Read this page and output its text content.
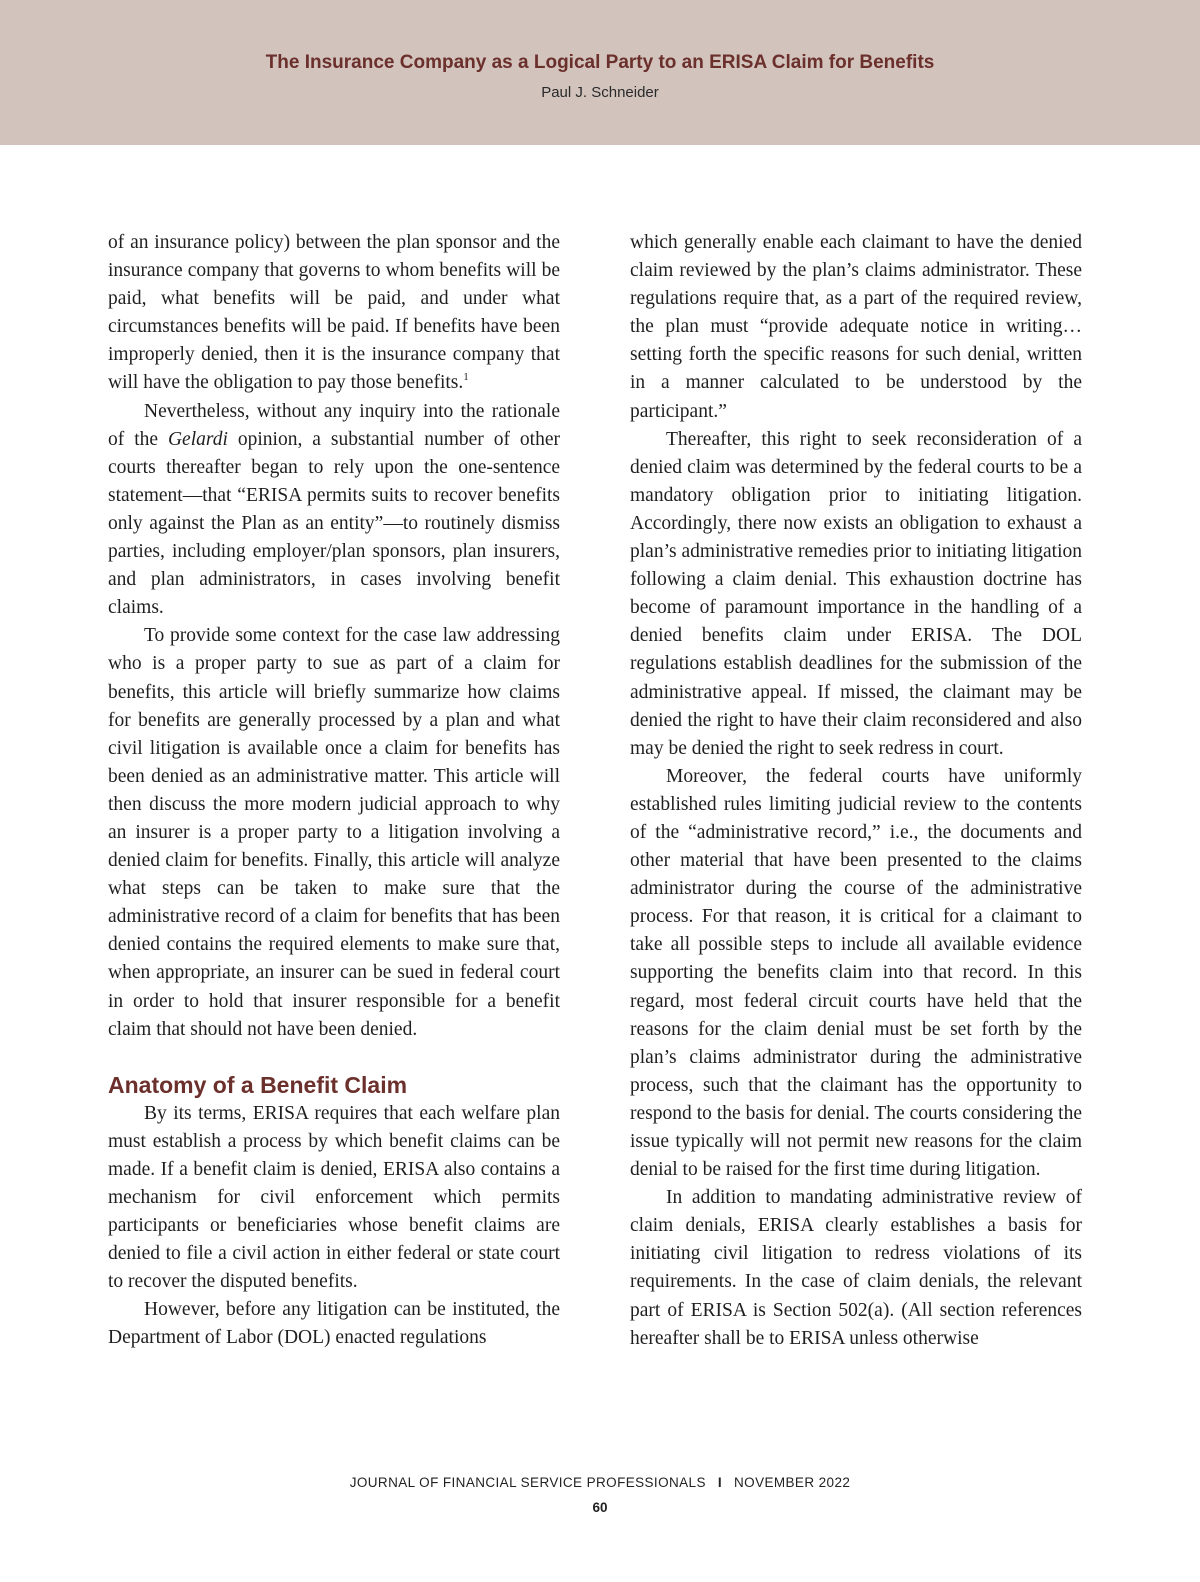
The Insurance Company as a Logical Party to an ERISA Claim for Benefits
Paul J. Schneider

of an insurance policy) between the plan sponsor and the insurance company that governs to whom benefits will be paid, what benefits will be paid, and under what circumstances benefits will be paid. If benefits have been improperly denied, then it is the insurance company that will have the obligation to pay those benefits.$^1$

Nevertheless, without any inquiry into the rationale of the Gelardi opinion, a substantial number of other courts thereafter began to rely upon the one-sentence statement––that “ERISA permits suits to recover benefits only against the Plan as an entity”—to routinely dismiss parties, including employer/plan sponsors, plan insurers, and plan administrators, in cases involving benefit claims.

To provide some context for the case law addressing who is a proper party to sue as part of a claim for benefits, this article will briefly summarize how claims for benefits are generally processed by a plan and what civil litigation is available once a claim for benefits has been denied as an administrative matter. This article will then discuss the more modern judicial approach to why an insurer is a proper party to a litigation involving a denied claim for benefits. Finally, this article will analyze what steps can be taken to make sure that the administrative record of a claim for benefits that has been denied contains the required elements to make sure that, when appropriate, an insurer can be sued in federal court in order to hold that insurer responsible for a benefit claim that should not have been denied.

Anatomy of a Benefit Claim

By its terms, ERISA requires that each welfare plan must establish a process by which benefit claims can be made. If a benefit claim is denied, ERISA also contains a mechanism for civil enforcement which permits participants or beneficiaries whose benefit claims are denied to file a civil action in either federal or state court to recover the disputed benefits.

However, before any litigation can be instituted, the Department of Labor (DOL) enacted regulations

which generally enable each claimant to have the denied claim reviewed by the plan’s claims administrator. These regulations require that, as a part of the required review, the plan must “provide adequate notice in writing…setting forth the specific reasons for such denial, written in a manner calculated to be understood by the participant.”

Thereafter, this right to seek reconsideration of a denied claim was determined by the federal courts to be a mandatory obligation prior to initiating litigation. Accordingly, there now exists an obligation to exhaust a plan’s administrative remedies prior to initiating litigation following a claim denial. This exhaustion doctrine has become of paramount importance in the handling of a denied benefits claim under ERISA. The DOL regulations establish deadlines for the submission of the administrative appeal. If missed, the claimant may be denied the right to have their claim reconsidered and also may be denied the right to seek redress in court.

Moreover, the federal courts have uniformly established rules limiting judicial review to the contents of the “administrative record,” i.e., the documents and other material that have been presented to the claims administrator during the course of the administrative process. For that reason, it is critical for a claimant to take all possible steps to include all available evidence supporting the benefits claim into that record. In this regard, most federal circuit courts have held that the reasons for the claim denial must be set forth by the plan’s claims administrator during the administrative process, such that the claimant has the opportunity to respond to the basis for denial. The courts considering the issue typically will not permit new reasons for the claim denial to be raised for the first time during litigation.

In addition to mandating administrative review of claim denials, ERISA clearly establishes a basis for initiating civil litigation to redress violations of its requirements. In the case of claim denials, the relevant part of ERISA is Section 502(a). (All section references hereafter shall be to ERISA unless otherwise

JOURNAL OF FINANCIAL SERVICE PROFESSIONALS I NOVEMBER 2022
60
